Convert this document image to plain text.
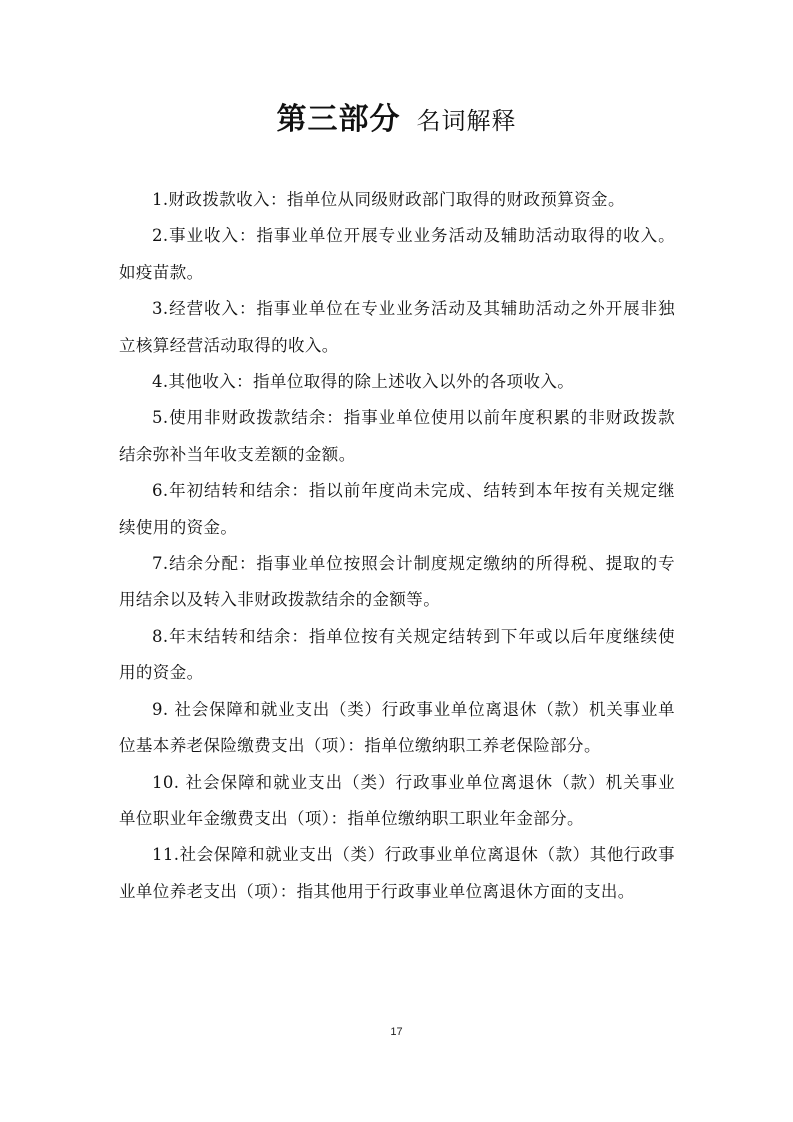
第三部分 名词解释

1.财政拨款收入：指单位从同级财政部门取得的财政预算资金。

2.事业收入：指事业单位开展专业业务活动及辅助活动取得的收入。如疫苗款。

3.经营收入：指事业单位在专业业务活动及其辅助活动之外开展非独立核算经营活动取得的收入。

4.其他收入：指单位取得的除上述收入以外的各项收入。

5.使用非财政拨款结余：指事业单位使用以前年度积累的非财政拨款结余弥补当年收支差额的金额。

6.年初结转和结余：指以前年度尚未完成、结转到本年按有关规定继续使用的资金。

7.结余分配：指事业单位按照会计制度规定缴纳的所得税、提取的专用结余以及转入非财政拨款结余的金额等。

8.年末结转和结余：指单位按有关规定结转到下年或以后年度继续使用的资金。

9. 社会保障和就业支出（类）行政事业单位离退休（款）机关事业单位基本养老保险缴费支出（项）：指单位缴纳职工养老保险部分。

10. 社会保障和就业支出（类）行政事业单位离退休（款）机关事业单位职业年金缴费支出（项）：指单位缴纳职工职业年金部分。

11.社会保障和就业支出（类）行政事业单位离退休（款）其他行政事业单位养老支出（项）：指其他用于行政事业单位离退休方面的支出。

17
